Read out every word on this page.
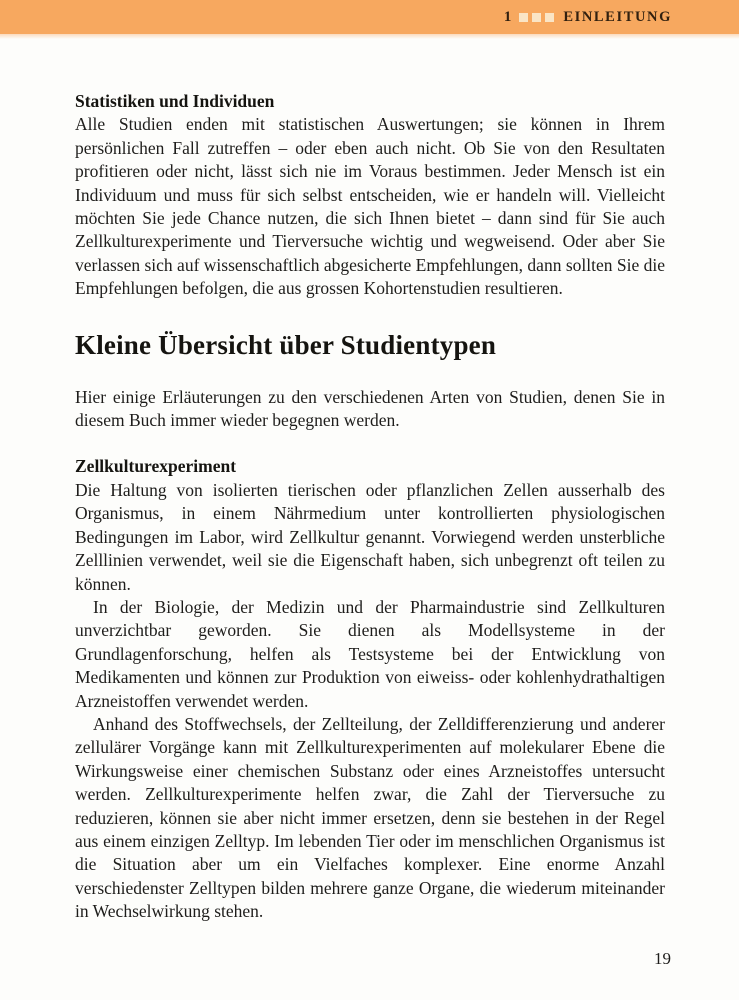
1	EINLEITUNG
Statistiken und Individuen

Alle Studien enden mit statistischen Auswertungen; sie können in Ihrem persönlichen Fall zutreffen – oder eben auch nicht. Ob Sie von den Resultaten profitieren oder nicht, lässt sich nie im Voraus bestimmen. Jeder Mensch ist ein Individuum und muss für sich selbst entscheiden, wie er handeln will. Vielleicht möchten Sie jede Chance nutzen, die sich Ihnen bietet – dann sind für Sie auch Zellkulturexperimente und Tierversuche wichtig und wegweisend. Oder aber Sie verlassen sich auf wissenschaftlich abgesicherte Empfehlungen, dann sollten Sie die Empfehlungen befolgen, die aus grossen Kohortenstudien resultieren.

Kleine Übersicht über Studientypen

Hier einige Erläuterungen zu den verschiedenen Arten von Studien, denen Sie in diesem Buch immer wieder begegnen werden.

Zellkulturexperiment

Die Haltung von isolierten tierischen oder pflanzlichen Zellen ausserhalb des Organismus, in einem Nährmedium unter kontrollierten physiologischen Bedingungen im Labor, wird Zellkultur genannt. Vorwiegend werden unsterbliche Zelllinien verwendet, weil sie die Eigenschaft haben, sich unbegrenzt oft teilen zu können.

In der Biologie, der Medizin und der Pharmaindustrie sind Zellkulturen unverzichtbar geworden. Sie dienen als Modellsysteme in der Grundlagenforschung, helfen als Testsysteme bei der Entwicklung von Medikamenten und können zur Produktion von eiweiss- oder kohlenhydrathaltigen Arzneistoffen verwendet werden.

Anhand des Stoffwechsels, der Zellteilung, der Zelldifferenzierung und anderer zellulärer Vorgänge kann mit Zellkulturexperimenten auf molekularer Ebene die Wirkungsweise einer chemischen Substanz oder eines Arzneistoffes untersucht werden. Zellkulturexperimente helfen zwar, die Zahl der Tierversuche zu reduzieren, können sie aber nicht immer ersetzen, denn sie bestehen in der Regel aus einem einzigen Zelltyp. Im lebenden Tier oder im menschlichen Organismus ist die Situation aber um ein Vielfaches komplexer. Eine enorme Anzahl verschiedenster Zelltypen bilden mehrere ganze Organe, die wiederum miteinander in Wechselwirkung stehen.

19
